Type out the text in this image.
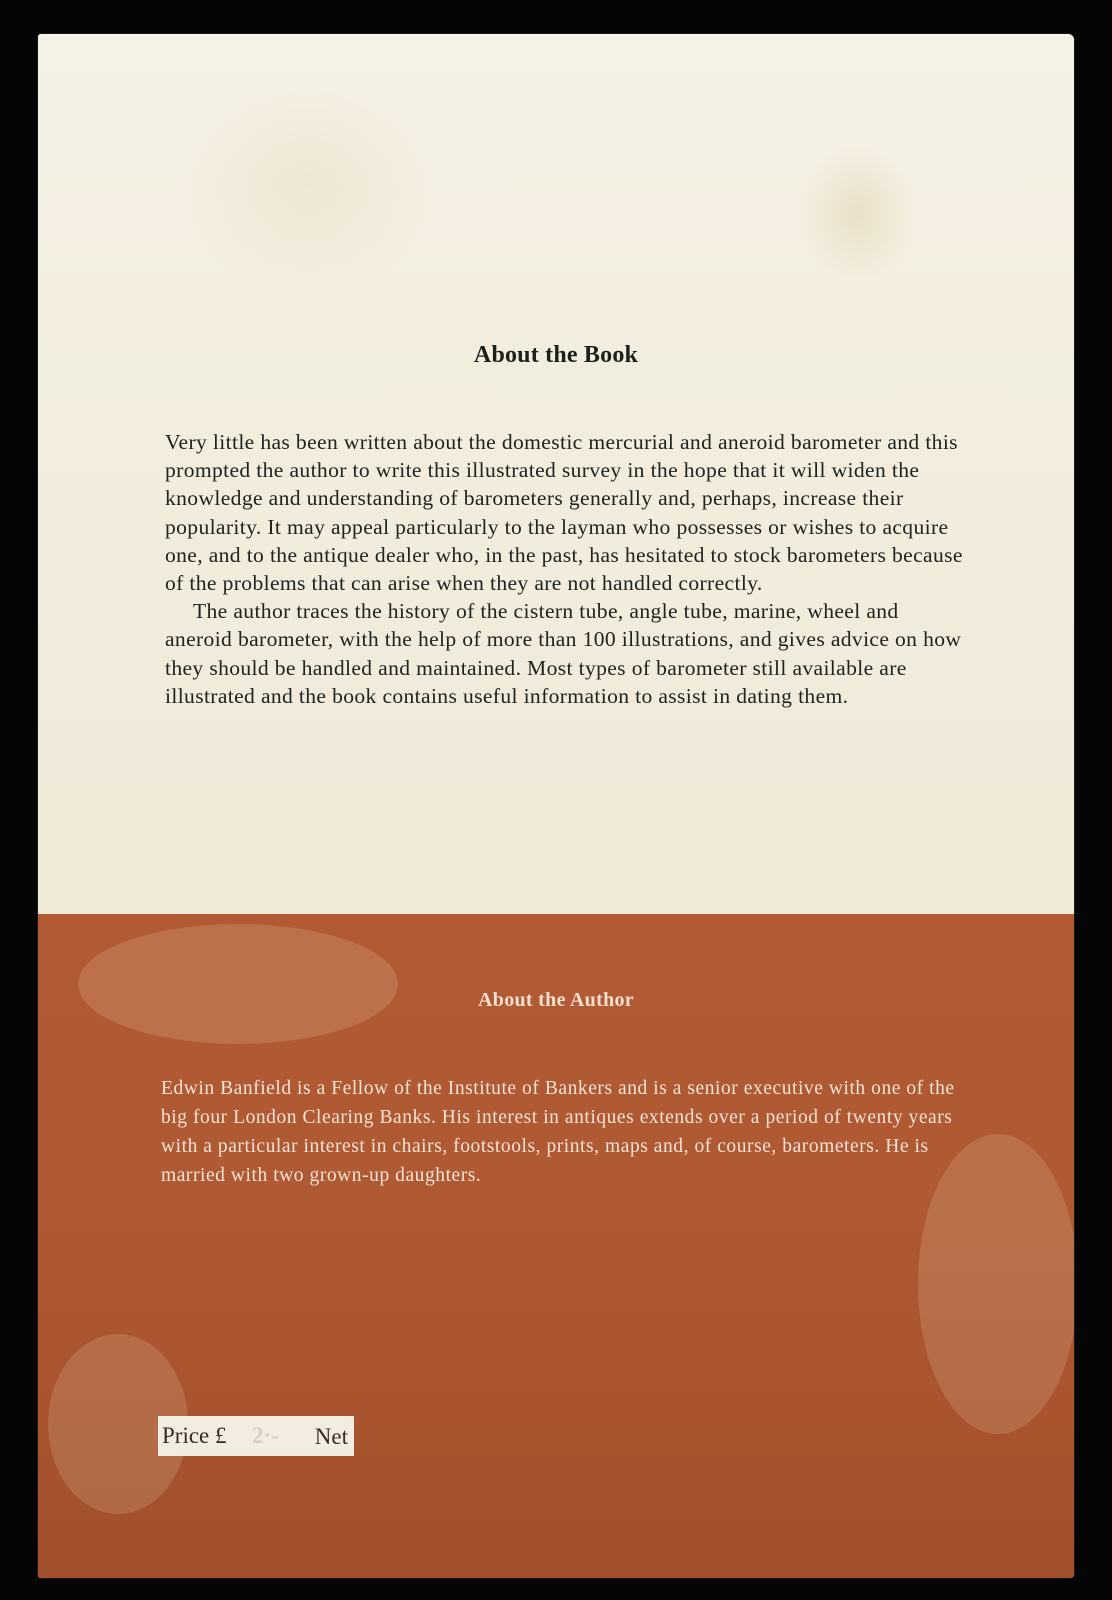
About the Book

Very little has been written about the domestic mercurial and aneroid barometer and this prompted the author to write this illustrated survey in the hope that it will widen the knowledge and understanding of barometers generally and, perhaps, increase their popularity. It may appeal particularly to the layman who possesses or wishes to acquire one, and to the antique dealer who, in the past, has hesitated to stock barometers because of the problems that can arise when they are not handled correctly.

The author traces the history of the cistern tube, angle tube, marine, wheel and aneroid barometer, with the help of more than 100 illustrations, and gives advice on how they should be handled and maintained. Most types of barometer still available are illustrated and the book contains useful information to assist in dating them.

About the Author

Edwin Banfield is a Fellow of the Institute of Bankers and is a senior executive with one of the big four London Clearing Banks. His interest in antiques extends over a period of twenty years with a particular interest in chairs, footstools, prints, maps and, of course, barometers. He is married with two grown-up daughters.

Price £ 2·- Net
